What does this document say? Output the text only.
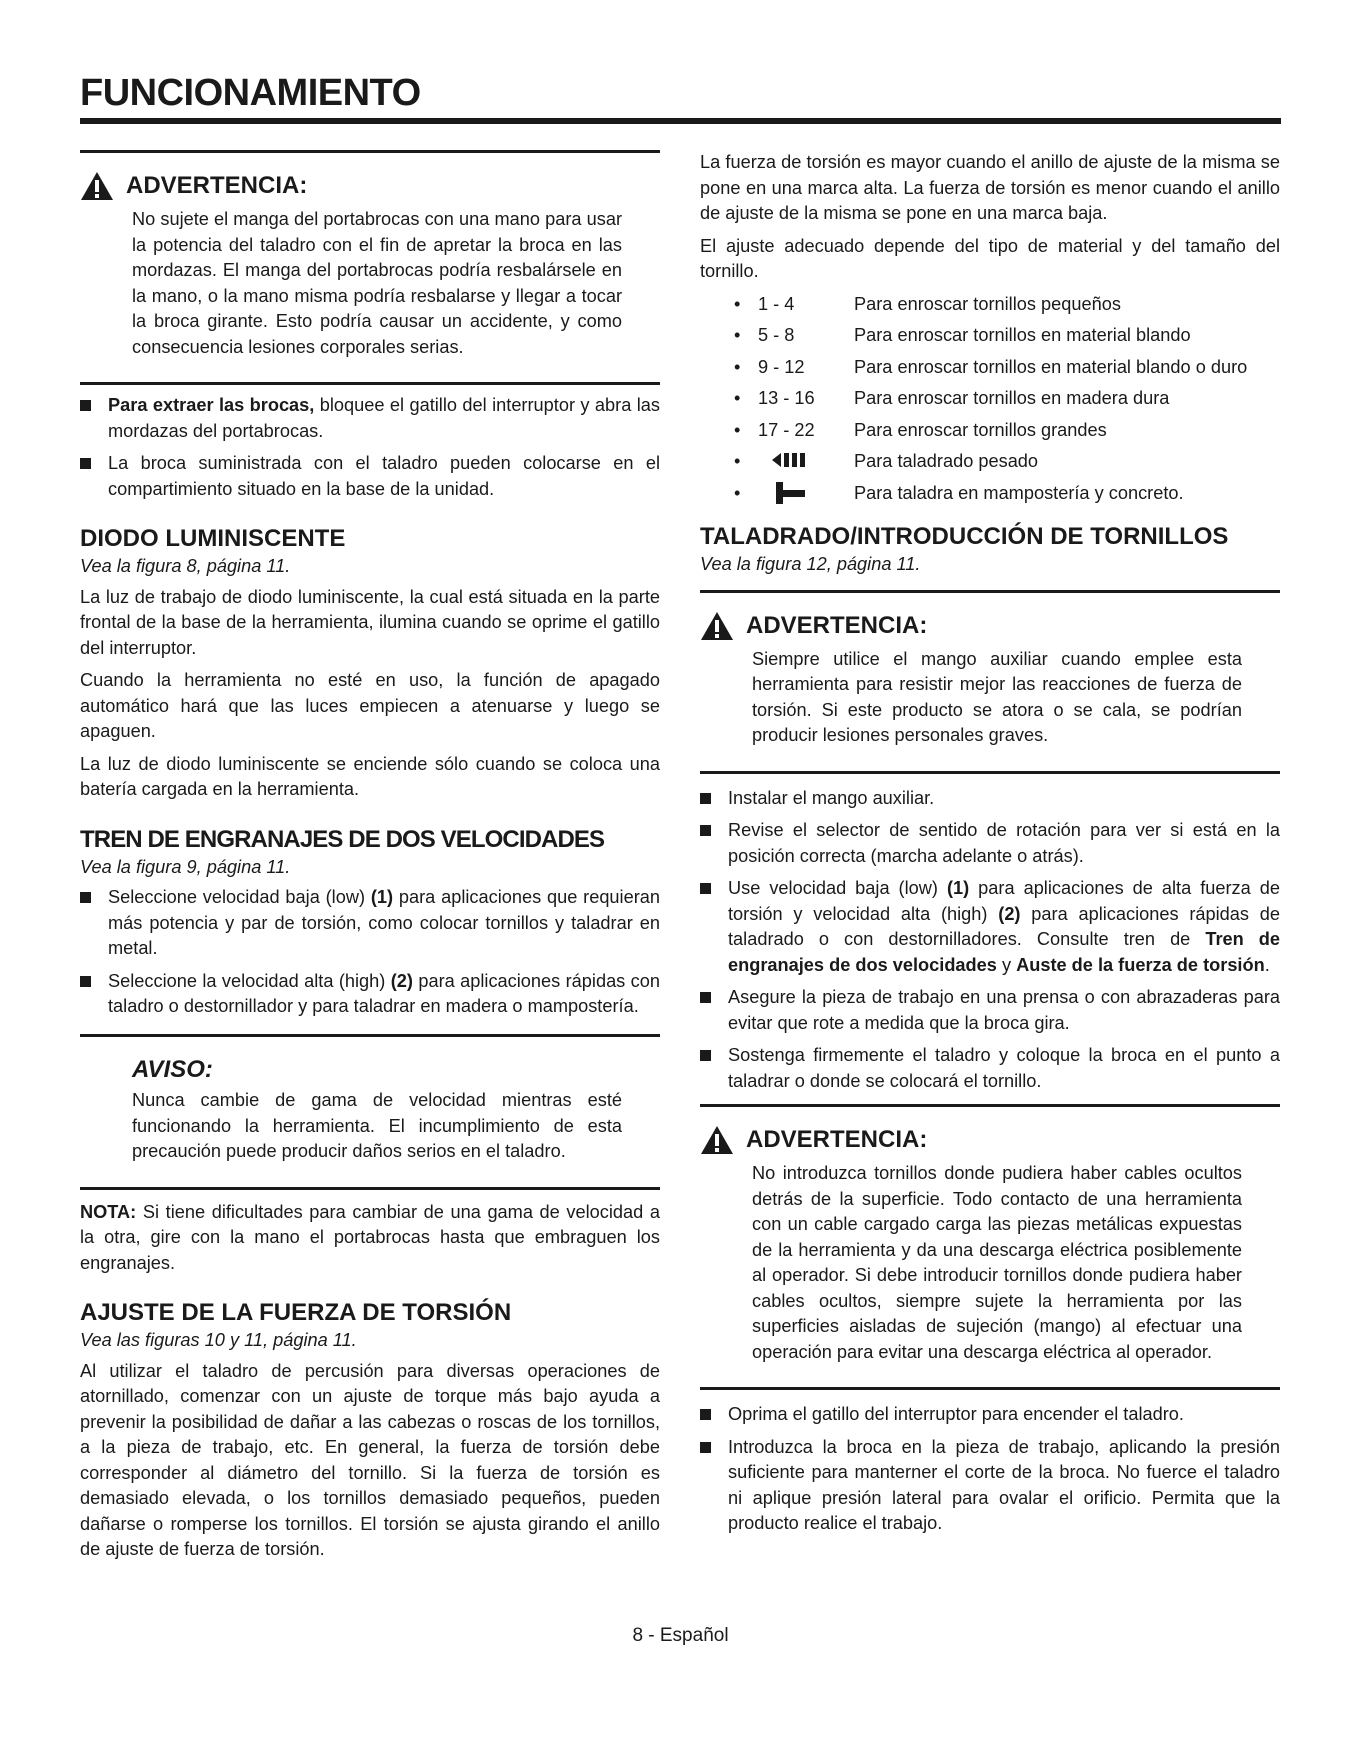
FUNCIONAMIENTO
ADVERTENCIA:
No sujete el manga del portabrocas con una mano para usar la potencia del taladro con el fin de apretar la broca en las mordazas. El manga del portabrocas podría resbalársele en la mano, o la mano misma podría resbalarse y llegar a tocar la broca girante. Esto podría causar un accidente, y como consecuencia lesiones corporales serias.
Para extraer las brocas, bloquee el gatillo del interruptor y abra las mordazas del portabrocas.
La broca suministrada con el taladro pueden colocarse en el compartimiento situado en la base de la unidad.
DIODO LUMINISCENTE

Vea la figura 8, página 11.

La luz de trabajo de diodo luminiscente, la cual está situada en la parte frontal de la base de la herramienta, ilumina cuando se oprime el gatillo del interruptor.

Cuando la herramienta no esté en uso, la función de apagado automático hará que las luces empiecen a atenuarse y luego se apaguen.

La luz de diodo luminiscente se enciende sólo cuando se coloca una batería cargada en la herramienta.

TREN DE ENGRANAJES DE DOS VELOCIDADES

Vea la figura 9, página 11.

Seleccione velocidad baja (low) (1) para aplicaciones que requieran más potencia y par de torsión, como colocar tornillos y taladrar en metal.
Seleccione la velocidad alta (high) (2) para aplicaciones rápidas con taladro o destornillador y para taladrar en madera o mampostería.
AVISO:
Nunca cambie de gama de velocidad mientras esté funcionando la herramienta. El incumplimiento de esta precaución puede producir daños serios en el taladro.

NOTA: Si tiene dificultades para cambiar de una gama de velocidad a la otra, gire con la mano el portabrocas hasta que embraguen los engranajes.

AJUSTE DE LA FUERZA DE TORSIÓN

Vea las figuras 10 y 11, página 11.

Al utilizar el taladro de percusión para diversas operaciones de atornillado, comenzar con un ajuste de torque más bajo ayuda a prevenir la posibilidad de dañar a las cabezas o roscas de los tornillos, a la pieza de trabajo, etc. En general, la fuerza de torsión debe corresponder al diámetro del tornillo. Si la fuerza de torsión es demasiado elevada, o los tornillos demasiado pequeños, pueden dañarse o romperse los tornillos. El torsión se ajusta girando el anillo de ajuste de fuerza de torsión.

La fuerza de torsión es mayor cuando el anillo de ajuste de la misma se pone en una marca alta. La fuerza de torsión es menor cuando el anillo de ajuste de la misma se pone en una marca baja.

El ajuste adecuado depende del tipo de material y del tamaño del tornillo.

• 1 - 4	Para enroscar tornillos pequeños
• 5 - 8	Para enroscar tornillos en material blando
• 9 - 12	Para enroscar tornillos en material blando o duro
• 13 - 16	Para enroscar tornillos en madera dura
• 17 - 22	Para enroscar tornillos grandes
•	Para taladrado pesado
•	Para taladra en mampostería y concreto.
TALADRADO/INTRODUCCIÓN DE TORNILLOS

Vea la figura 12, página 11.

ADVERTENCIA:
Siempre utilice el mango auxiliar cuando emplee esta herramienta para resistir mejor las reacciones de fuerza de torsión. Si este producto se atora o se cala, se podrían producir lesiones personales graves.
Instalar el mango auxiliar.
Revise el selector de sentido de rotación para ver si está en la posición correcta (marcha adelante o atrás).
Use velocidad baja (low) (1) para aplicaciones de alta fuerza de torsión y velocidad alta (high) (2) para aplicaciones rápidas de taladrado o con destornilladores. Consulte tren de Tren de engranajes de dos velocidades y Auste de la fuerza de torsión.
Asegure la pieza de trabajo en una prensa o con abrazaderas para evitar que rote a medida que la broca gira.
Sostenga firmemente el taladro y coloque la broca en el punto a taladrar o donde se colocará el tornillo.
ADVERTENCIA:
No introduzca tornillos donde pudiera haber cables ocultos detrás de la superficie. Todo contacto de una herramienta con un cable cargado carga las piezas metálicas expuestas de la herramienta y da una descarga eléctrica posiblemente al operador. Si debe introducir tornillos donde pudiera haber cables ocultos, siempre sujete la herramienta por las superficies aisladas de sujeción (mango) al efectuar una operación para evitar una descarga eléctrica al operador.
Oprima el gatillo del interruptor para encender el taladro.
Introduzca la broca en la pieza de trabajo, aplicando la presión suficiente para manterner el corte de la broca. No fuerce el taladro ni aplique presión lateral para ovalar el orificio. Permita que la producto realice el trabajo.
8 - Español
